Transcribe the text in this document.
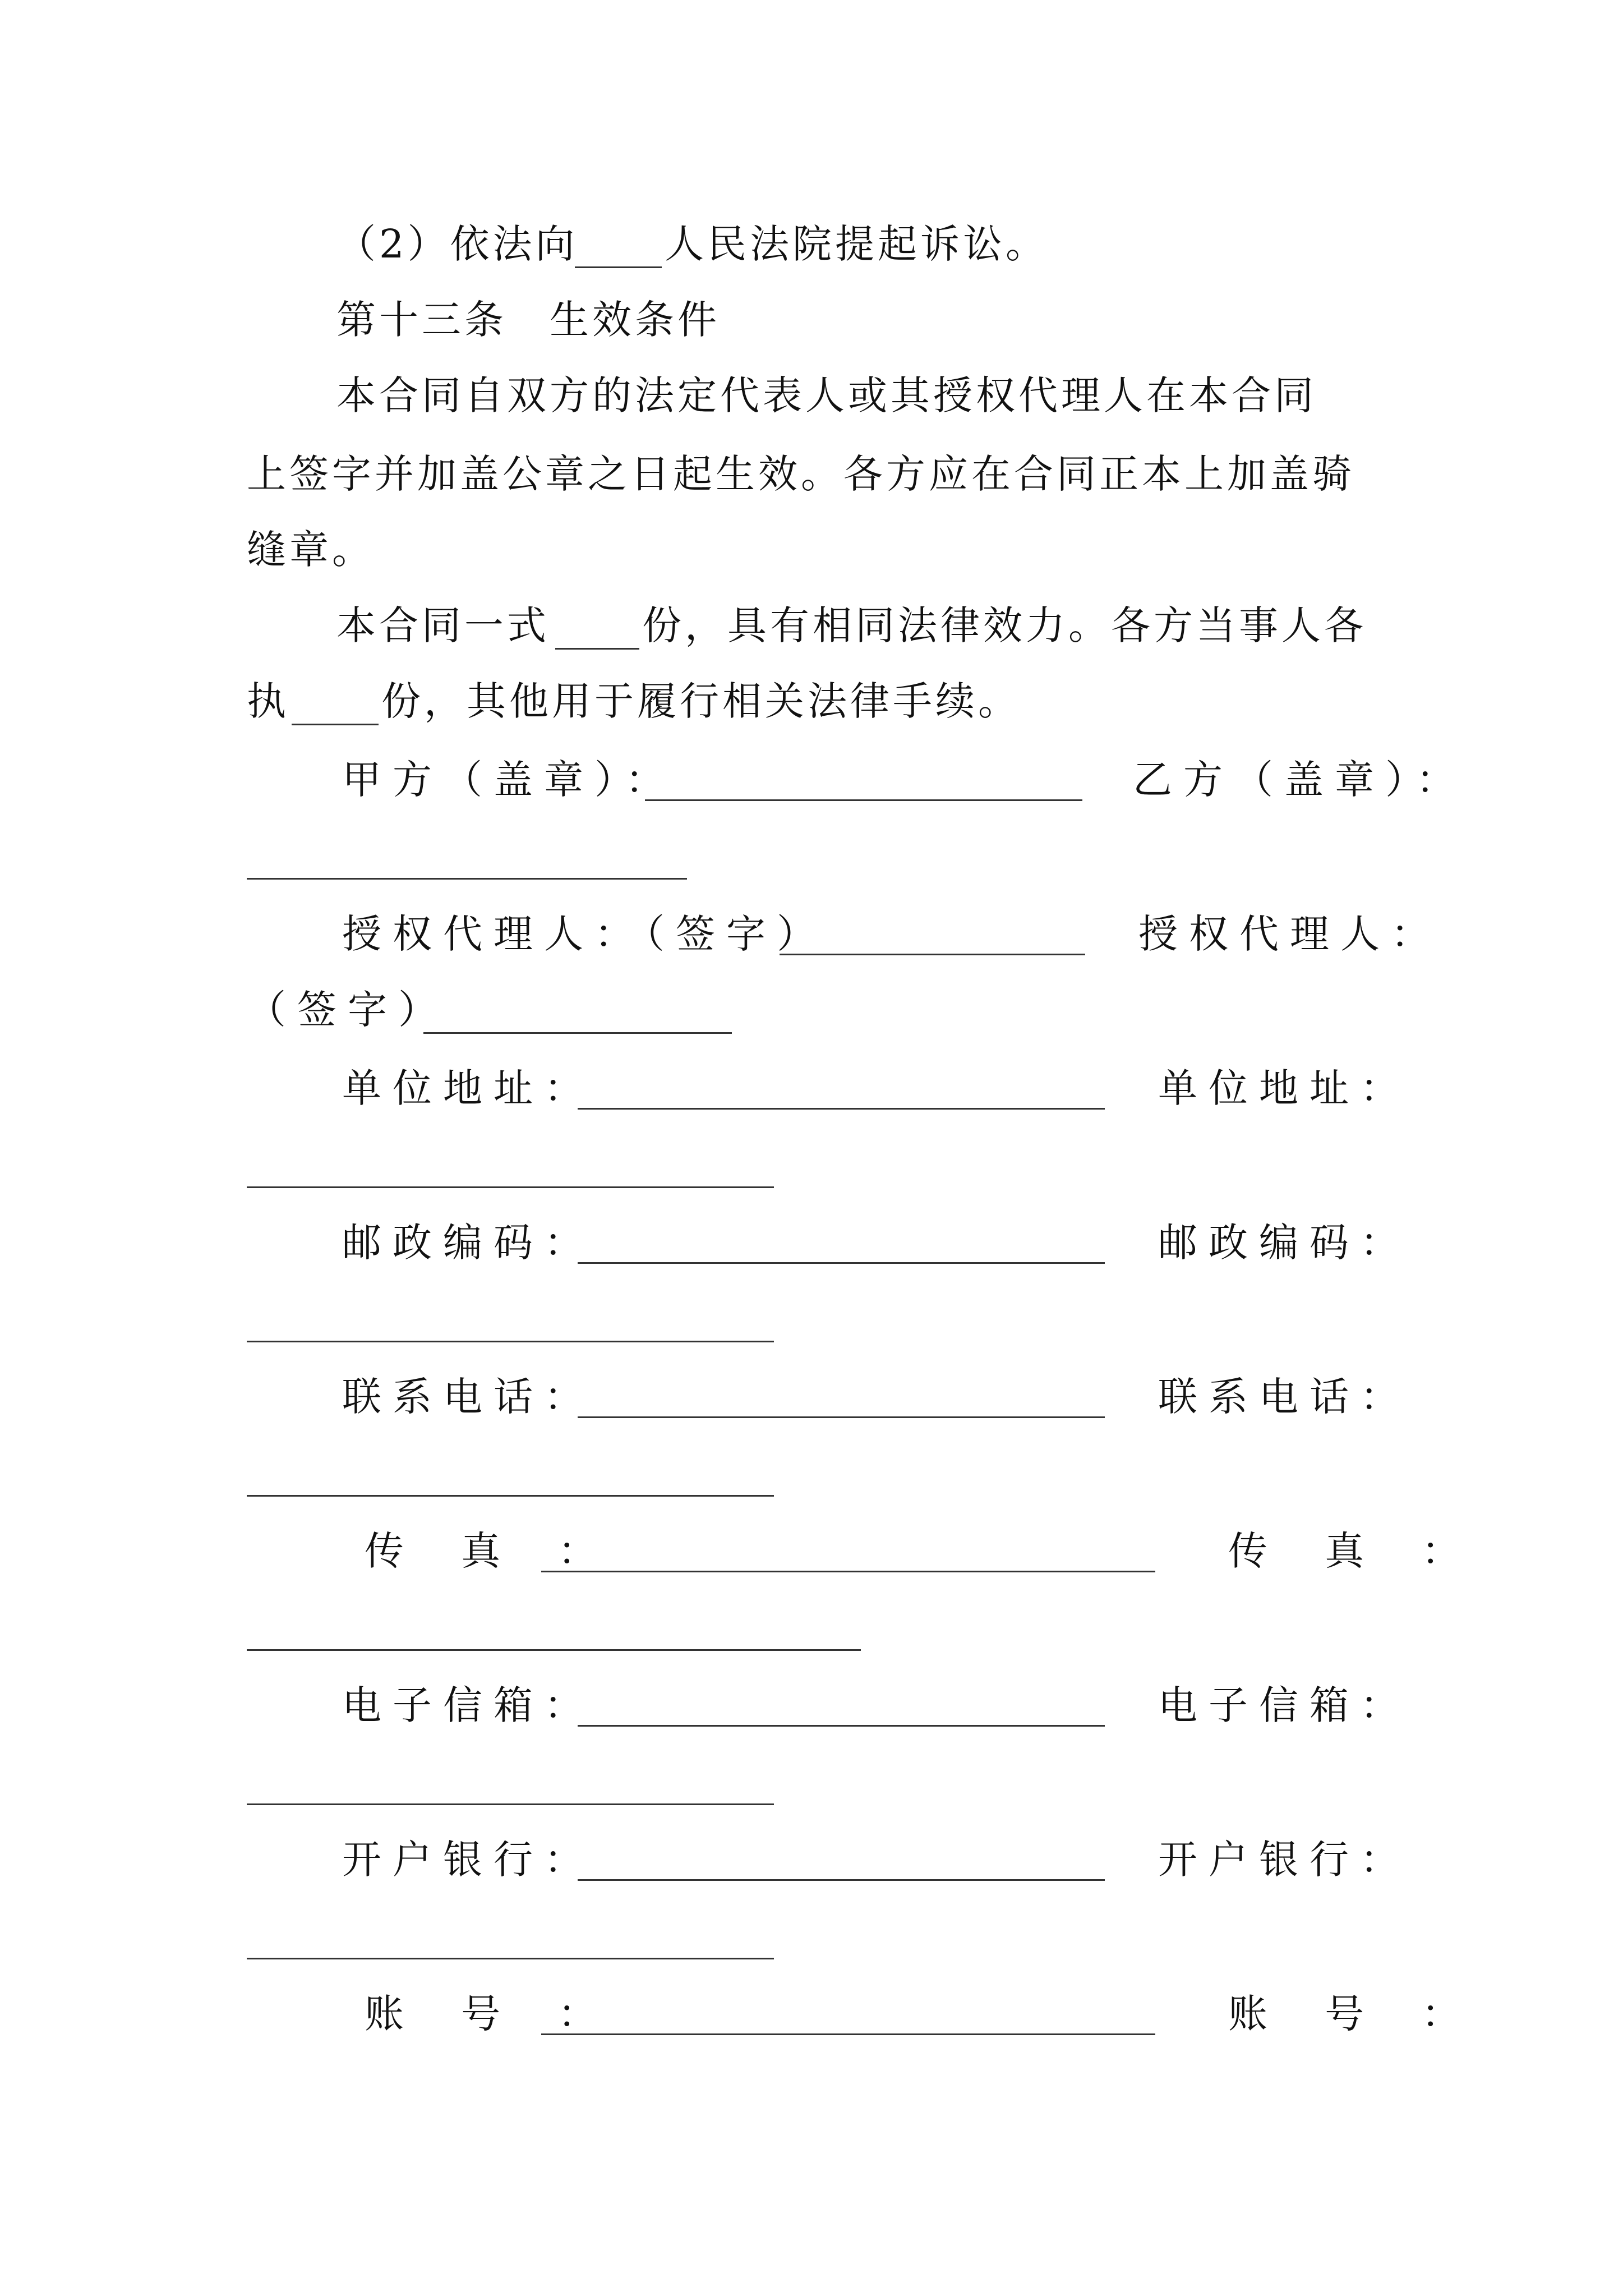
（2）依法向 人民法院提起诉讼。
第十三条　生效条件
本合同自双方的法定代表人或其授权代理人在本合同
上签字并加盖公章之日起生效。各方应在合同正本上加盖骑
缝章。
本合同一式 份，具有相同法律效力。各方当事人各
执 份，其他用于履行相关法律手续。
甲方（盖章）：	乙方（盖章）：
授权代理人：（签字）	授权代理人：
（签字）
单位地址：	单位地址：
邮政编码：	邮政编码：
联系电话：	联系电话：
传 真 ：	传 真 ：
电子信箱：	电子信箱：
开户银行：	开户银行：
账 号 ：	账 号 ：
